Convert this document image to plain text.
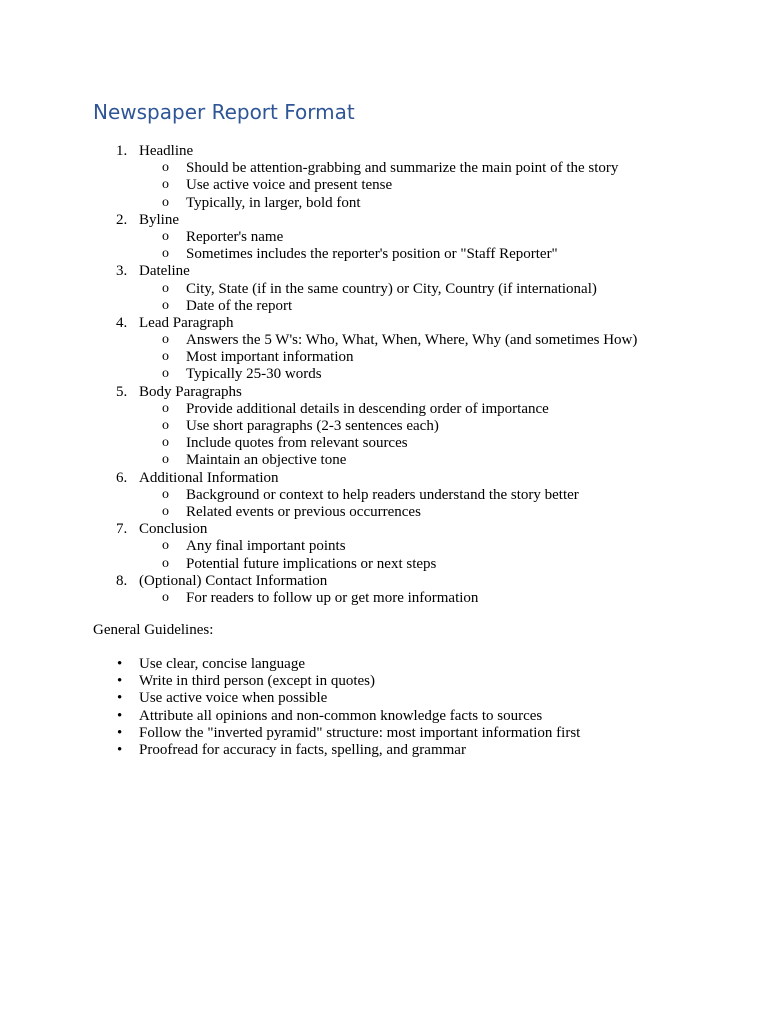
Newspaper Report Format
1. Headline
o Should be attention-grabbing and summarize the main point of the story
o Use active voice and present tense
o Typically, in larger, bold font
2. Byline
o Reporter's name
o Sometimes includes the reporter's position or "Staff Reporter"
3. Dateline
o City, State (if in the same country) or City, Country (if international)
o Date of the report
4. Lead Paragraph
o Answers the 5 W's: Who, What, When, Where, Why (and sometimes How)
o Most important information
o Typically 25-30 words
5. Body Paragraphs
o Provide additional details in descending order of importance
o Use short paragraphs (2-3 sentences each)
o Include quotes from relevant sources
o Maintain an objective tone
6. Additional Information
o Background or context to help readers understand the story better
o Related events or previous occurrences
7. Conclusion
o Any final important points
o Potential future implications or next steps
8. (Optional) Contact Information
o For readers to follow up or get more information

General Guidelines:

• Use clear, concise language
• Write in third person (except in quotes)
• Use active voice when possible
• Attribute all opinions and non-common knowledge facts to sources
• Follow the "inverted pyramid" structure: most important information first
• Proofread for accuracy in facts, spelling, and grammar
